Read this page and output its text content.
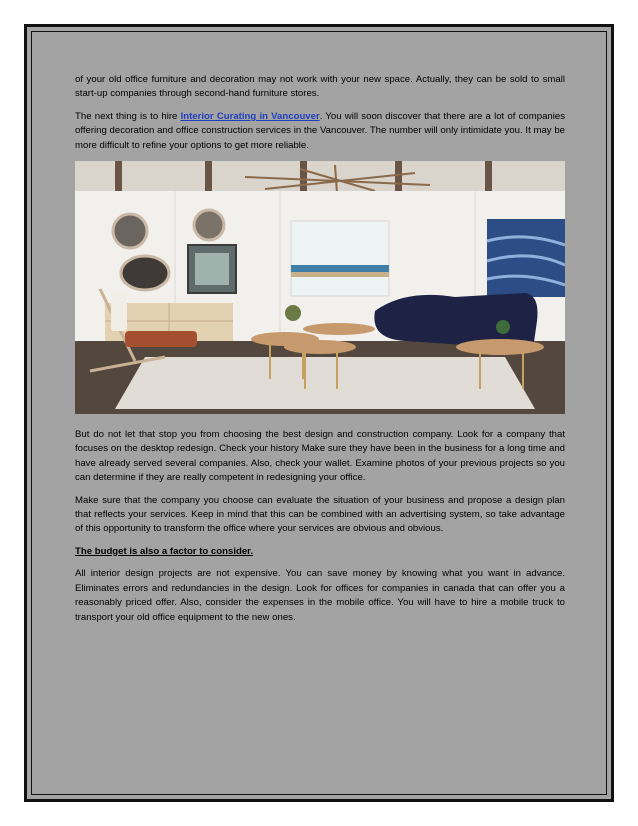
of your old office furniture and decoration may not work with your new space. Actually, they can be sold to small start-up companies through second-hand furniture stores.

The next thing is to hire Interior Curating in Vancouver. You will soon discover that there are a lot of companies offering decoration and office construction services in the Vancouver. The number will only intimidate you. It may be more difficult to refine your options to get more reliable.

But do not let that stop you from choosing the best design and construction company. Look for a company that focuses on the desktop redesign. Check your history Make sure they have been in the business for a long time and have already served several companies. Also, check your wallet. Examine photos of your previous projects so you can determine if they are really competent in redesigning your office.

Make sure that the company you choose can evaluate the situation of your business and propose a design plan that reflects your services. Keep in mind that this can be combined with an advertising system, so take advantage of this opportunity to transform the office where your services are obvious and obvious.

The budget is also a factor to consider.

All interior design projects are not expensive. You can save money by knowing what you want in advance. Eliminates errors and redundancies in the design. Look for offices for companies in canada that can offer you a reasonably priced offer. Also, consider the expenses in the mobile office. You will have to hire a mobile truck to transport your old office equipment to the new ones.
